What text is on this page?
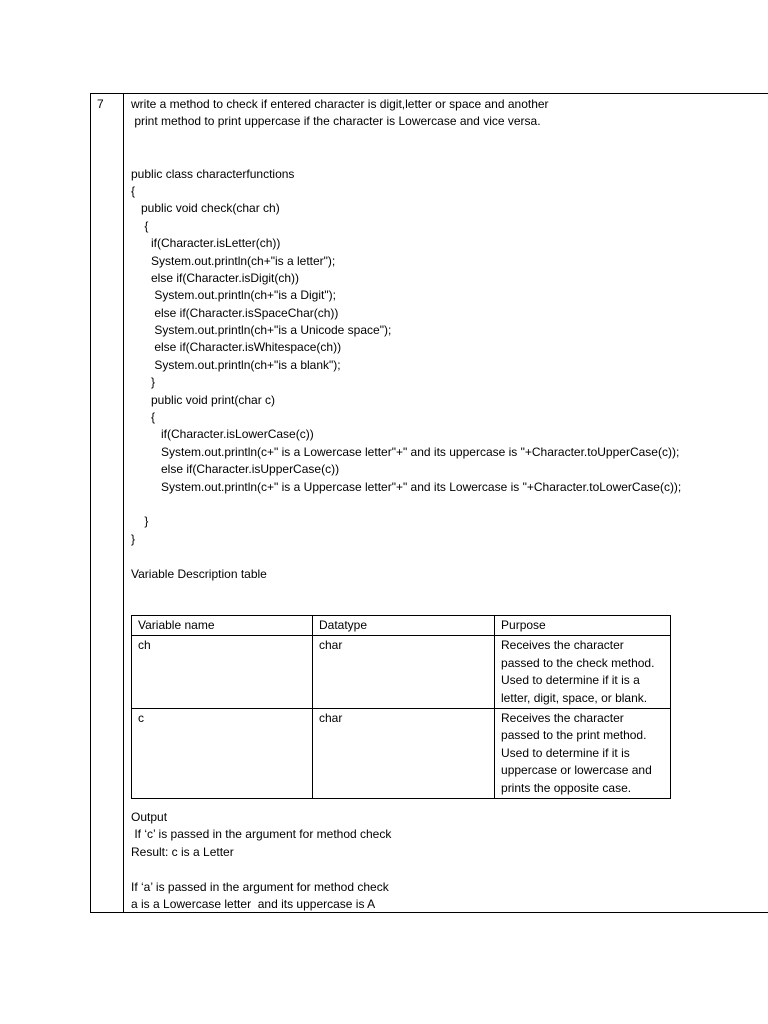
7 write a method to check if entered character is digit,letter or space and another
print method to print uppercase if the character is Lowercase and vice versa.
public class characterfunctions
{
public void check(char ch)
{
if(Character.isLetter(ch))
System.out.println(ch+"is a letter");
else if(Character.isDigit(ch))
System.out.println(ch+"is a Digit");
else if(Character.isSpaceChar(ch))
System.out.println(ch+"is a Unicode space");
else if(Character.isWhitespace(ch))
System.out.println(ch+"is a blank");
}
public void print(char c)
{
if(Character.isLowerCase(c))
System.out.println(c+" is a Lowercase letter"+" and its uppercase is "+Character.toUpperCase(c));
else if(Character.isUpperCase(c))
System.out.println(c+" is a Uppercase letter"+" and its Lowercase is "+Character.toLowerCase(c));
}
}
Variable Description table
Variable name	Datatype	Purpose
ch	char	Receives the character passed to the check method. Used to determine if it is a letter, digit, space, or blank.
c	char	Receives the character passed to the print method. Used to determine if it is uppercase or lowercase and prints the opposite case.
Output
If ‘c’ is passed in the argument for method check
Result: c is a Letter
If ‘a’ is passed in the argument for method check
a is a Lowercase letter  and its uppercase is A
